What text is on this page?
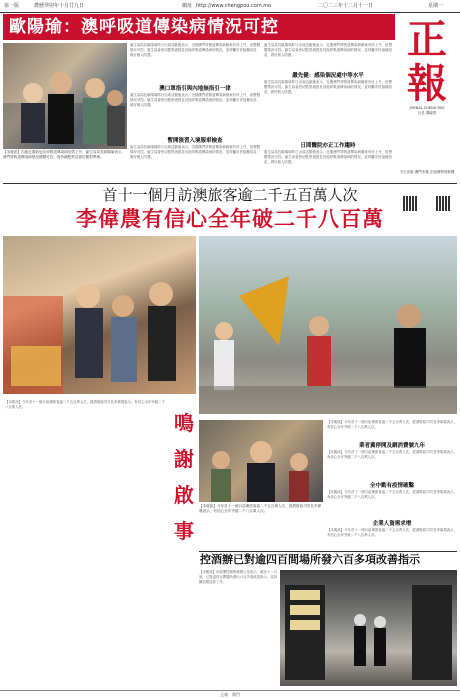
第一版	農曆癸卯年十月廿九日	網址 http://www.chengpou.com.mo	二〇二三年十二月十一日	星期一
歐陽瑜：澳呼吸道傳染病情況可控
【本報訊】內地近期新冠及呼吸道傳染病疫情上升，衞生局局長歐陽瑜表示，澳門呼吸道傳染病情況總體可控，會持續監察及做好應對準備。
衞生局局長歐陽瑜昨日出席活動後表示，近期澳門呼吸道傳染病個案有所上升，但整體情況可控。衞生局會密切監察流感及其他呼吸道傳染病的情況，並呼籲市民接種疫苗，做好個人防護。
澳口罩指引與內地無指引一律
衞生局局長歐陽瑜昨日出席活動後表示，近期澳門呼吸道傳染病個案有所上升，但整體情況可控。衞生局會密切監察流感及其他呼吸道傳染病的情況，並呼籲市民接種疫苗，做好個人防護。
暫開演習入境服車檢查
衞生局局長歐陽瑜昨日出席活動後表示，近期澳門呼吸道傳染病個案有所上升，但整體情況可控。衞生局會密切監察流感及其他呼吸道傳染病的情況，並呼籲市民接種疫苗，做好個人防護。
衞生局局長歐陽瑜昨日出席活動後表示，近期澳門呼吸道傳染病個案有所上升，但整體情況可控。衞生局會密切監察流感及其他呼吸道傳染病的情況，並呼籲市民接種疫苗，做好個人防護。
嚴先健：感染個況處中等水平
衞生局局長歐陽瑜昨日出席活動後表示，近期澳門呼吸道傳染病個案有所上升，但整體情況可控。衞生局會密切監察流感及其他呼吸道傳染病的情況，並呼籲市民接種疫苗，做好個人防護。
日間醫院亦正工作趨時
衞生局局長歐陽瑜昨日出席活動後表示，近期澳門呼吸道傳染病個案有所上升，但整體情況可控。衞生局會密切監察流感及其他呼吸道傳染病的情況，並呼籲市民接種疫苗，做好個人防護。
正
報
JORNAL CHENG PAO
社長 譚燦榮
今天出版 澳門本報 正版號特別新聞
首十一個月訪澳旅客逾二千五百萬人次
李偉農有信心全年破二千八百萬
【本報訊】今年首十一個月訪澳旅客逾二千五百萬人次，經濟財政司司長李偉農表示，有信心全年突破二千八百萬人次。
鳴
謝
啟
事
【本報訊】今年首十一個月訪澳旅客逾二千五百萬人次，經濟財政司司長李偉農表示，有信心全年突破二千八百萬人次。
【本報訊】今年首十一個月訪澳旅客逾二千五百萬人次，經濟財政司司長李偉農表示，有信心全年突破二千八百萬人次。
業者冀停開及網消費號九年
【本報訊】今年首十一個月訪澳旅客逾二千五百萬人次，經濟財政司司長李偉農表示，有信心全年突破二千八百萬人次。
全中勤有疫情確鑿
【本報訊】今年首十一個月訪澳旅客逾二千五百萬人次，經濟財政司司長李偉農表示，有信心全年突破二千八百萬人次。
企業人資需求增
【本報訊】今年首十一個月訪澳旅客逾二千五百萬人次，經濟財政司司長李偉農表示，有信心全年突破二千八百萬人次。
控酒辦已對逾四百間場所發六百多項改善指示
【本報訊】市政署控制吸煙辦公室表示，截至十一月底，已對逾四百間場所發出六百多項改善指示，並持續加強巡查工作。
正報 · 澳門
